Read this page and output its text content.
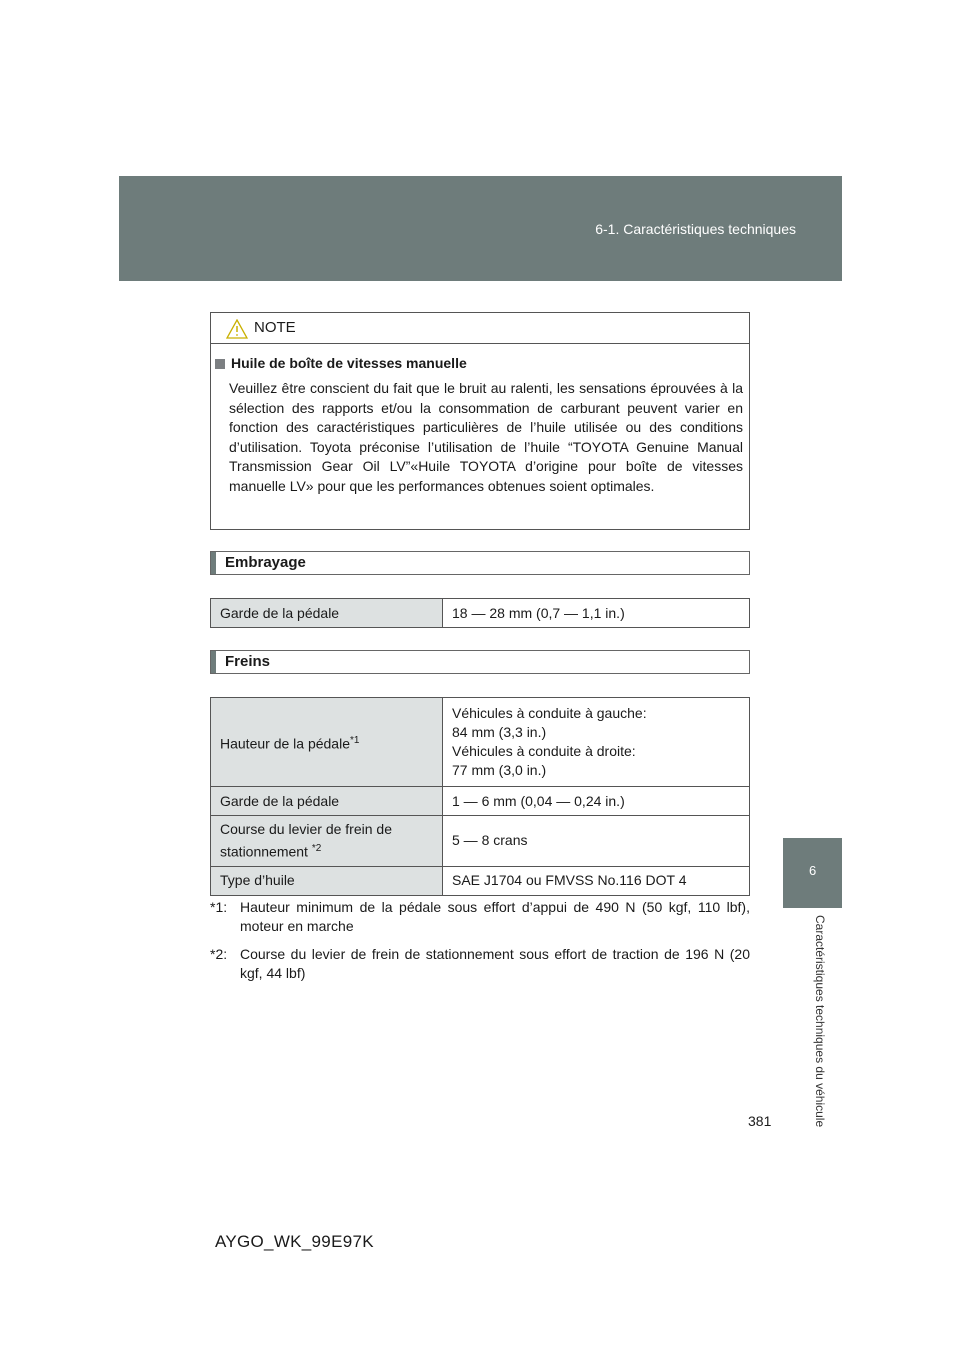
6-1. Caractéristiques techniques
6
Caractéristiques techniques du véhicule
NOTE
Huile de boîte de vitesses manuelle
Veuillez être conscient du fait que le bruit au ralenti, les sensations éprouvées à la sélection des rapports et/ou la consommation de carburant peuvent varier en fonction des caractéristiques particulières de l’huile utilisée ou des conditions d’utilisation. Toyota préconise l’utilisation de l’huile “TOYOTA Genuine Manual Transmission Gear Oil LV”«Huile TOYOTA d’origine pour boîte de vitesses manuelle LV» pour que les performances obtenues soient optimales.
Embrayage
Garde de la pédale	18 — 28 mm (0,7 — 1,1 in.)
Freins
Hauteur de la pédale$^{*1}$	Véhicules à conduite à gauche:
84 mm (3,3 in.)
Véhicules à conduite à droite:
77 mm (3,0 in.)

Garde de la pédale	1 — 6 mm (0,04 — 0,24 in.)

Course du levier de frein de
stationnement $^{*2}$	5 — 8 crans
Type d’huile	SAE J1704 ou FMVSS No.116 DOT 4
*1: Hauteur minimum de la pédale sous effort d’appui de 490 N (50 kgf, 110 lbf), moteur en marche
*2: Course du levier de frein de stationnement sous effort de traction de 196 N (20 kgf, 44 lbf)
381
AYGO_WK_99E97K
